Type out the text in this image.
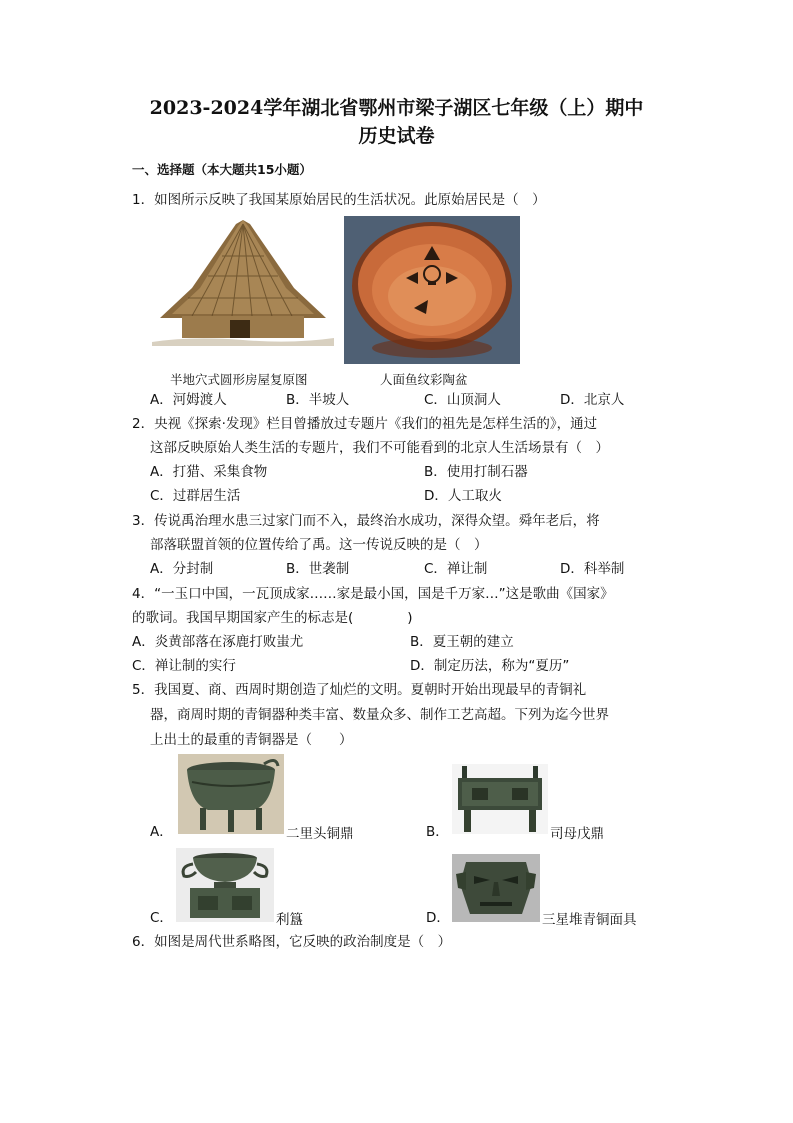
2023-2024学年湖北省鄂州市梁子湖区七年级（上）期中
历史试卷
一、选择题（本大题共15小题）
1．如图所示反映了我国某原始居民的生活状况。此原始居民是（　）
半地穴式圆形房屋复原图	人面鱼纹彩陶盆
A．河姆渡人	B．半坡人	C．山顶洞人	D．北京人
2．央视《探索·发现》栏目曾播放过专题片《我们的祖先是怎样生活的》，通过
这部反映原始人类生活的专题片，我们不可能看到的北京人生活场景有（　）
A．打猎、采集食物	B．使用打制石器
C．过群居生活	D．人工取火
3．传说禹治理水患三过家门而不入，最终治水成功，深得众望。舜年老后，将
部落联盟首领的位置传给了禹。这一传说反映的是（　）
A．分封制	B．世袭制	C．禅让制	D．科举制
4．“一玉口中国，一瓦顶成家……家是最小国，国是千万家…”这是歌曲《国家》
的歌词。我国早期国家产生的标志是(　　　　)
A．炎黄部落在涿鹿打败蚩尤	B．夏王朝的建立
C．禅让制的实行	D．制定历法，称为“夏历”
5．我国夏、商、西周时期创造了灿烂的文明。夏朝时开始出现最早的青铜礼
器，商周时期的青铜器种类丰富、数量众多、制作工艺高超。下列为迄今世界
上出土的最重的青铜器是（　　）
A．	二里头铜鼎	B．	司母戊鼎
C．	利簋	D．	三星堆青铜面具
6．如图是周代世系略图，它反映的政治制度是（　）
